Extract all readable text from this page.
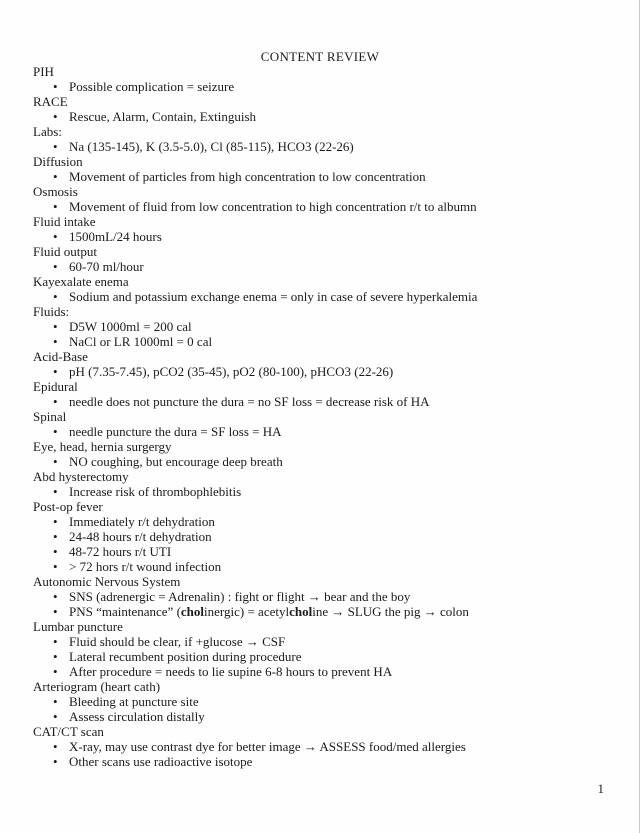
CONTENT REVIEW
PIH
• Possible complication = seizure
RACE
• Rescue, Alarm, Contain, Extinguish
Labs:
• Na (135-145), K (3.5-5.0), Cl (85-115), HCO3 (22-26)
Diffusion
• Movement of particles from high concentration to low concentration
Osmosis
• Movement of fluid from low concentration to high concentration r/t to albumn
Fluid intake
• 1500mL/24 hours
Fluid output
• 60-70 ml/hour
Kayexalate enema
• Sodium and potassium exchange enema = only in case of severe hyperkalemia
Fluids:
• D5W 1000ml = 200 cal
• NaCl or LR 1000ml = 0 cal
Acid-Base
• pH (7.35-7.45), pCO2 (35-45), pO2 (80-100), pHCO3 (22-26)
Epidural
• needle does not puncture the dura = no SF loss = decrease risk of HA
Spinal
• needle puncture the dura = SF loss = HA
Eye, head, hernia surgergy
• NO coughing, but encourage deep breath
Abd hysterectomy
• Increase risk of thrombophlebitis
Post-op fever
• Immediately r/t dehydration
• 24-48 hours r/t dehydration
• 48-72 hours r/t UTI
• > 72 hors r/t wound infection
Autonomic Nervous System
• SNS (adrenergic = Adrenalin) : fight or flight → bear and the boy
• PNS “maintenance” (cholinergic) = acetylcholine → SLUG the pig → colon
Lumbar puncture
• Fluid should be clear, if +glucose → CSF
• Lateral recumbent position during procedure
• After procedure = needs to lie supine 6-8 hours to prevent HA
Arteriogram (heart cath)
• Bleeding at puncture site
• Assess circulation distally
CAT/CT scan
• X-ray, may use contrast dye for better image → ASSESS food/med allergies
• Other scans use radioactive isotope
1
